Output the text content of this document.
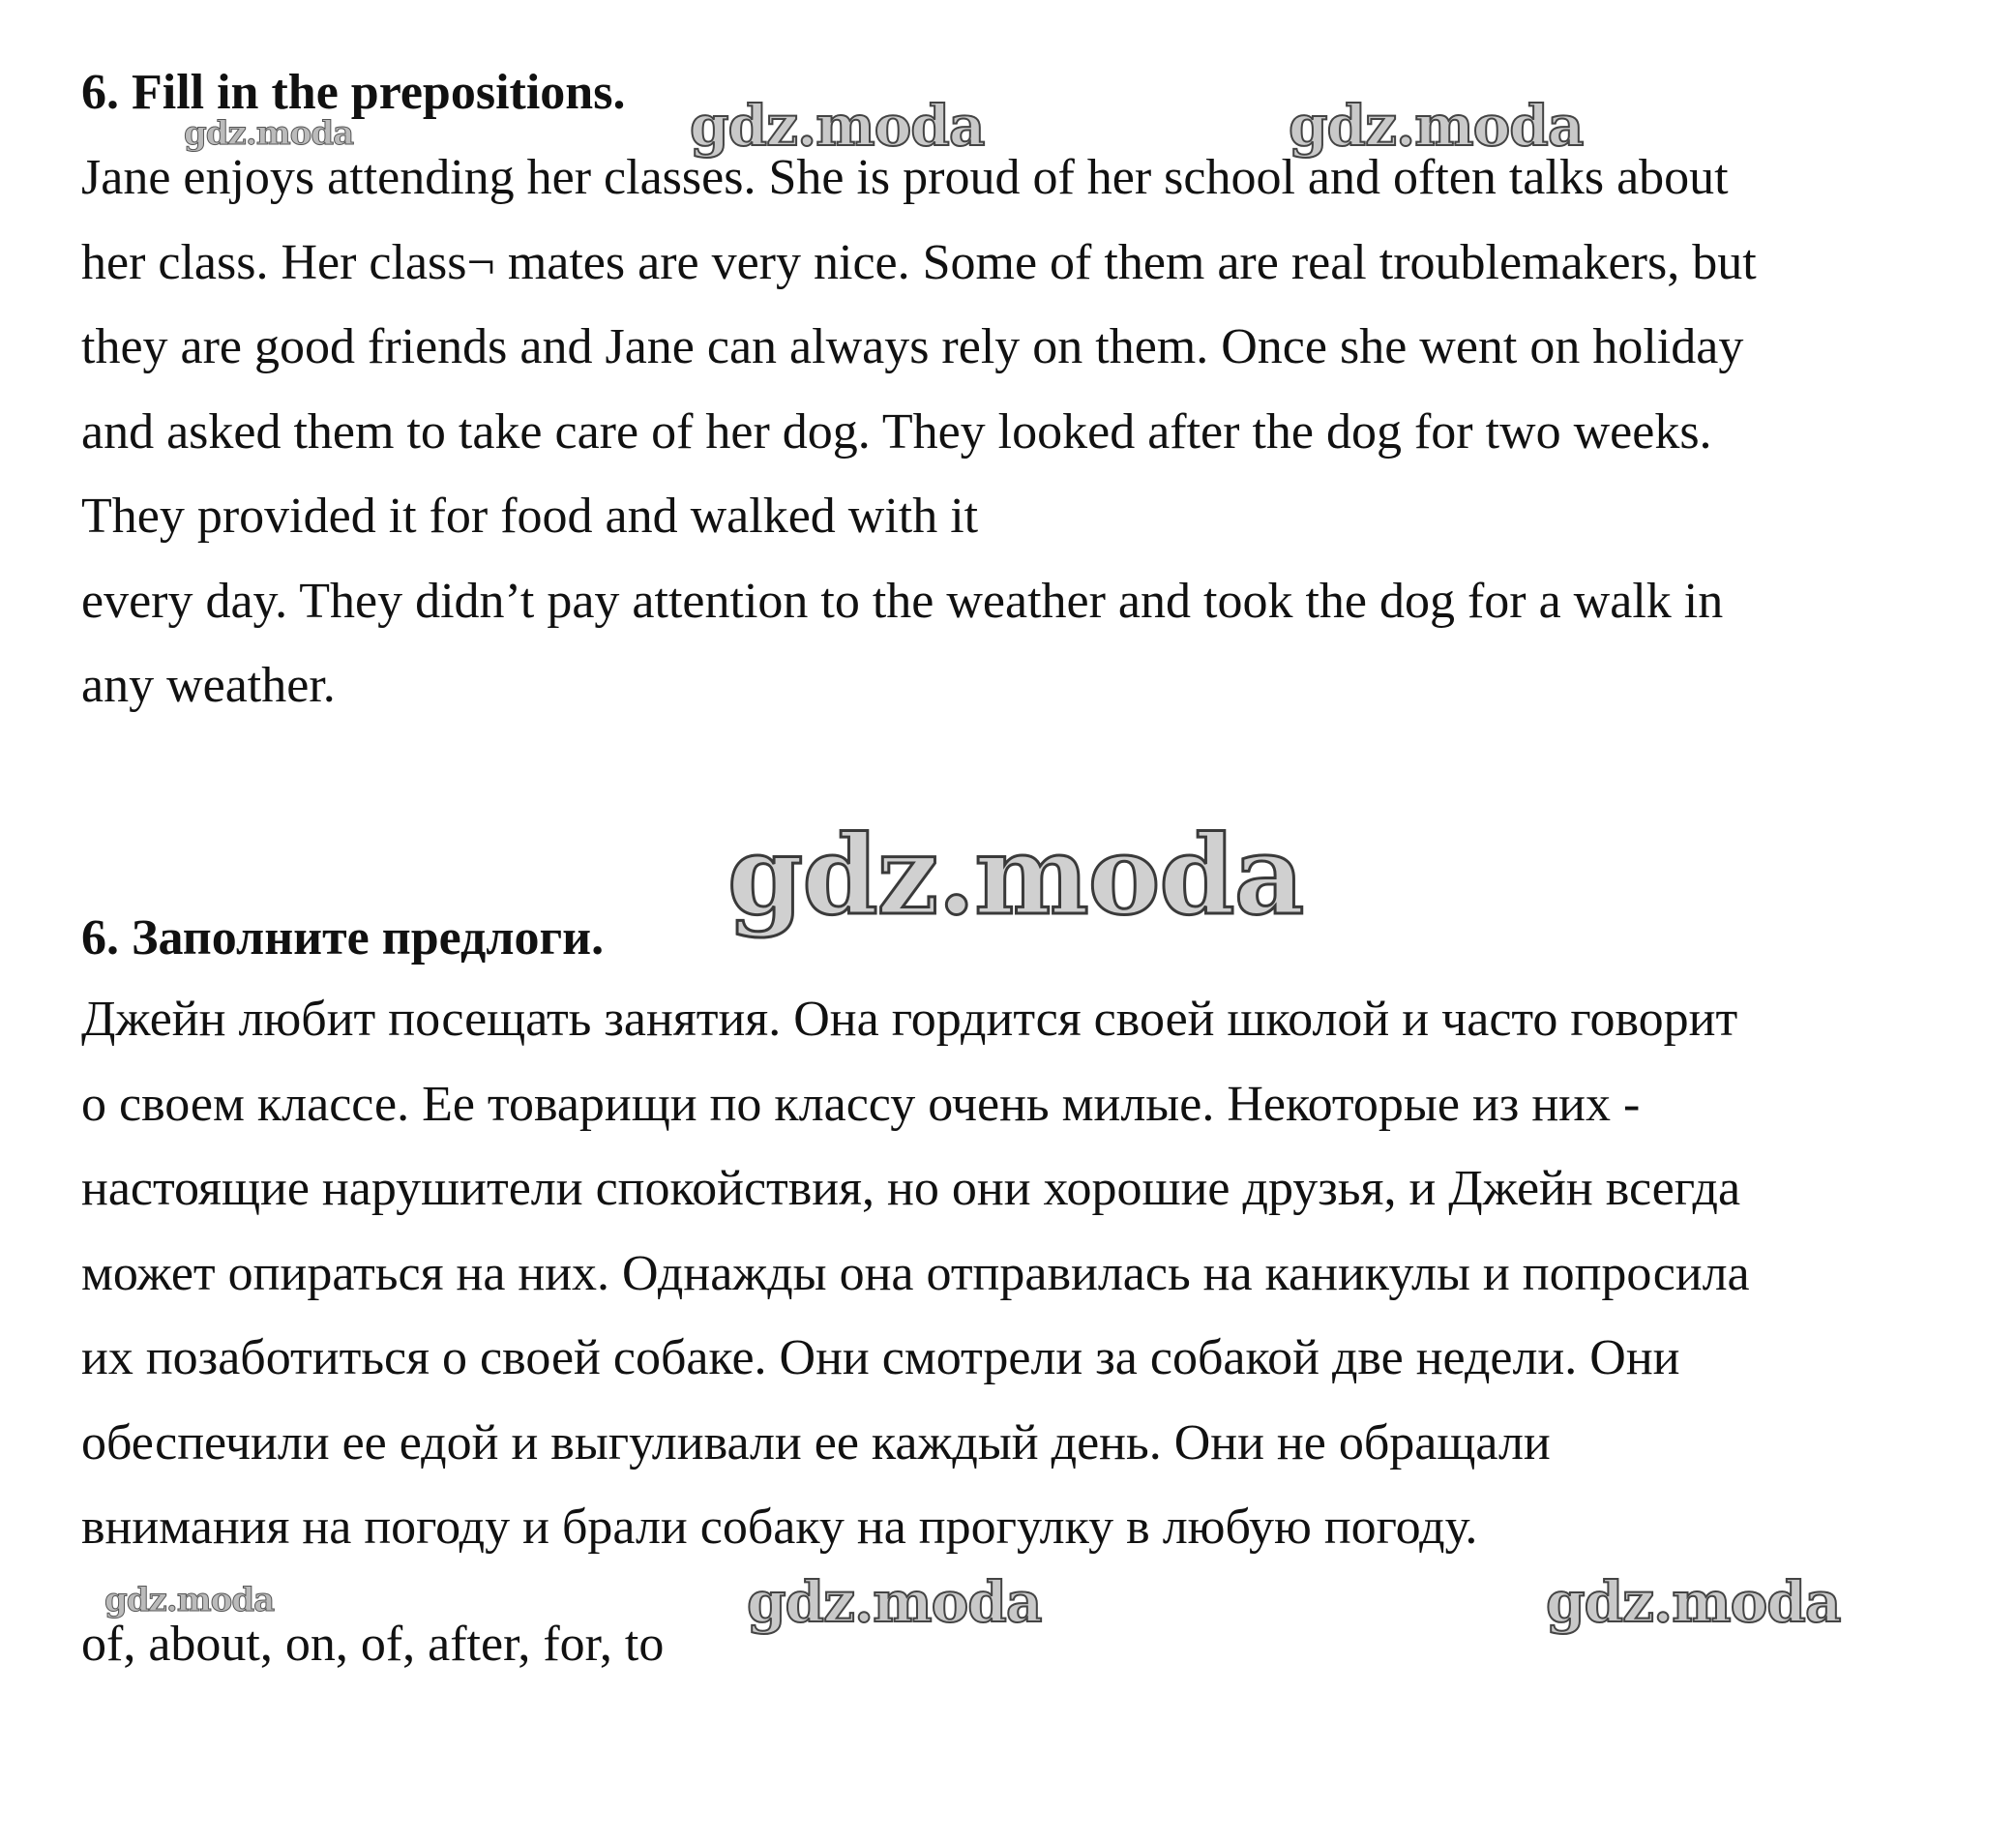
6. Fill in the prepositions.
Jane enjoys attending her classes. She is proud of her school and often talks about
her class. Her class¬ mates are very nice. Some of them are real troublemakers, but
they are good friends and Jane can always rely on them. Once she went on holiday
and asked them to take care of her dog. They looked after the dog for two weeks.
They provided it for food and walked with it
every day. They didn’t pay attention to the weather and took the dog for a walk in
any weather.
6. Заполните предлоги.
Джейн любит посещать занятия. Она гордится своей школой и часто говорит
о своем классе. Ее товарищи по классу очень милые. Некоторые из них -
настоящие нарушители спокойствия, но они хорошие друзья, и Джейн всегда
может опираться на них. Однажды она отправилась на каникулы и попросила
их позаботиться о своей собаке. Они смотрели за собакой две недели. Они
обеспечили ее едой и выгуливали ее каждый день. Они не обращали
внимания на погоду и брали собаку на прогулку в любую погоду.

of, about, on, of, after, for, to

gdz.moda	gdz.moda	gdz.moda
gdz.moda
gdz.moda	gdz.moda	gdz.moda
